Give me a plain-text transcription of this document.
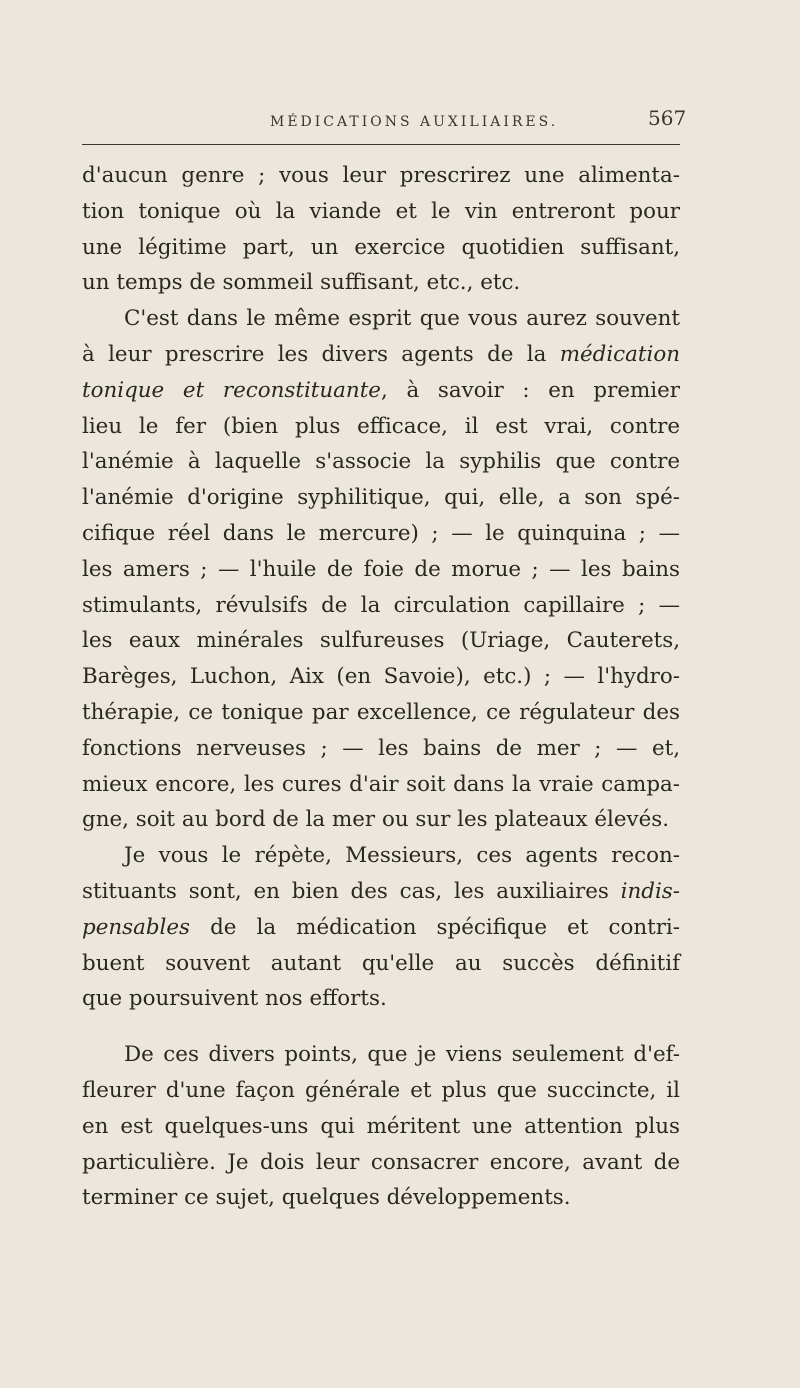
MÉDICATIONS AUXILIAIRES.	567
d'aucun genre ; vous leur prescrirez une alimenta-
tion tonique où la viande et le vin entreront pour
une légitime part, un exercice quotidien suffisant,
un temps de sommeil suffisant, etc., etc.
C'est dans le même esprit que vous aurez souvent
à leur prescrire les divers agents de la médication
tonique et reconstituante, à savoir : en premier
lieu le fer (bien plus efficace, il est vrai, contre
l'anémie à laquelle s'associe la syphilis que contre
l'anémie d'origine syphilitique, qui, elle, a son spé-
cifique réel dans le mercure) ; — le quinquina ; —
les amers ; — l'huile de foie de morue ; — les bains
stimulants, révulsifs de la circulation capillaire ; —
les eaux minérales sulfureuses (Uriage, Cauterets,
Barèges, Luchon, Aix (en Savoie), etc.) ; — l'hydro-
thérapie, ce tonique par excellence, ce régulateur des
fonctions nerveuses ; — les bains de mer ; — et,
mieux encore, les cures d'air soit dans la vraie campa-
gne, soit au bord de la mer ou sur les plateaux élevés.
Je vous le répète, Messieurs, ces agents recon-
stituants sont, en bien des cas, les auxiliaires indis-
pensables de la médication spécifique et contri-
buent souvent autant qu'elle au succès définitif
que poursuivent nos efforts.
De ces divers points, que je viens seulement d'ef-
fleurer d'une façon générale et plus que succincte, il
en est quelques-uns qui méritent une attention plus
particulière. Je dois leur consacrer encore, avant de
terminer ce sujet, quelques développements.
